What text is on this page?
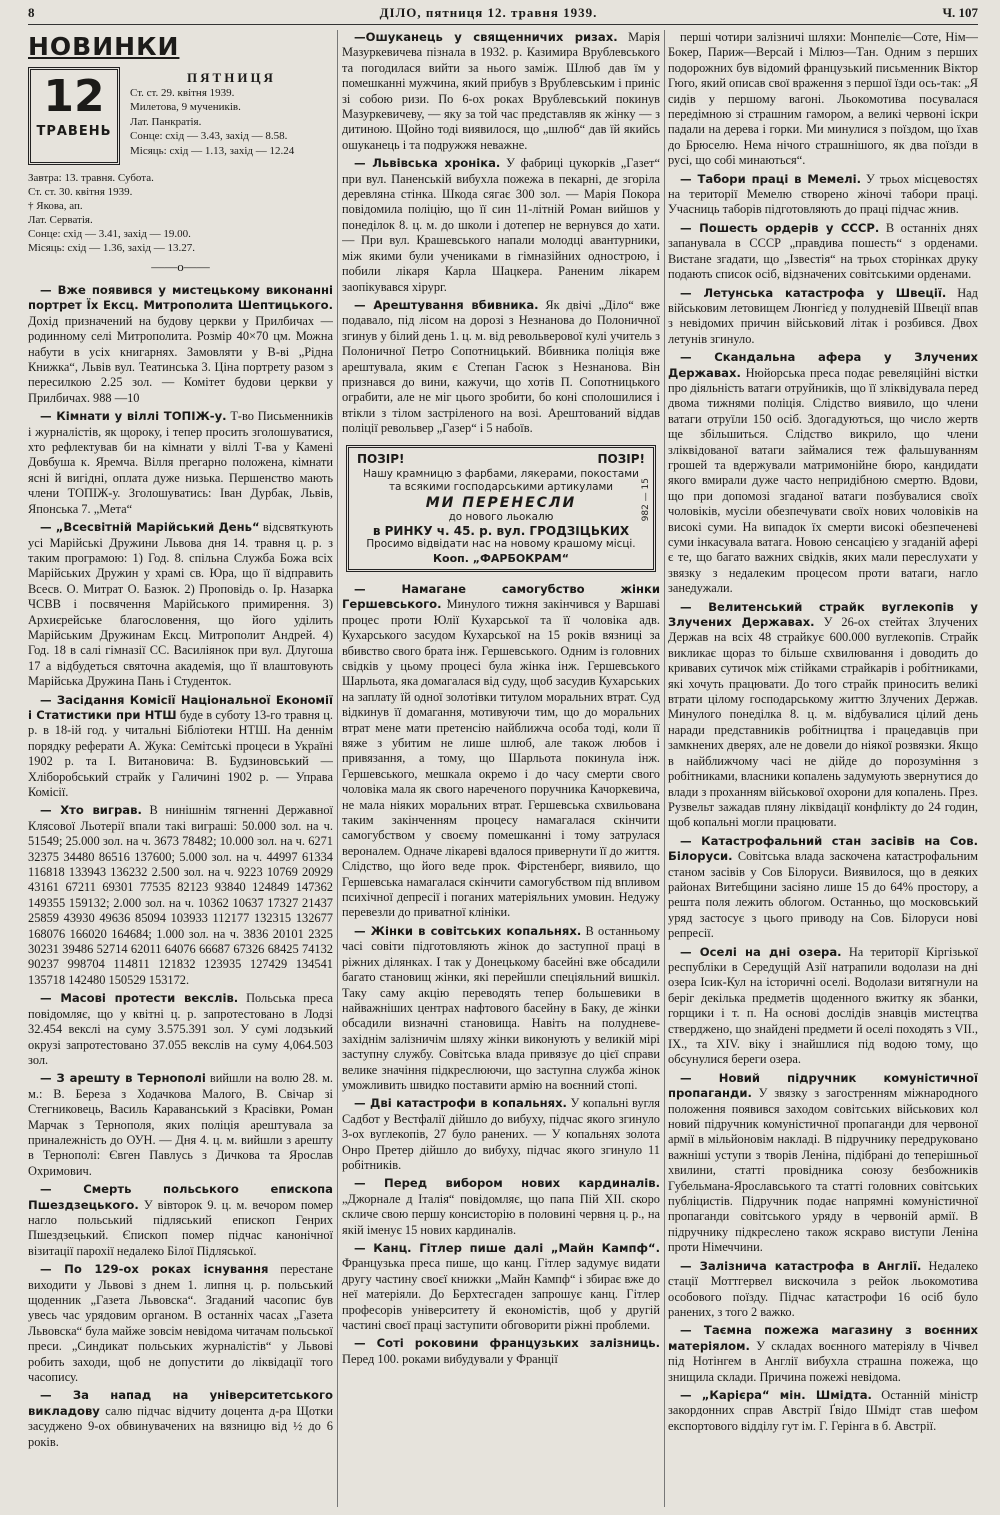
8	ДІЛО, пятниця 12. травня 1939.	Ч. 107
НОВИНКИ
12
ТРАВЕНЬ
ПЯТНИЦЯ
Ст. ст. 29. квітня 1939.
Милетова, 9 мучеників.
Лат. Панкратія.
Сонце: схід — 3.43, захід — 8.58.
Місяць: схід — 1.13, захід — 12.24
Завтра: 13. травня. Субота.
Ст. ст. 30. квітня 1939.
† Якова, ап.
Лат. Серватія.
Сонце: схід — 3.41, захід — 19.00.
Місяць: схід — 1.36, захід — 13.27.
——о——

— Вже появився у мистецькому виконанні портрет Їх Ексц. Митрополита Шептицького. Дохід призначений на будову церкви у Прилбичах — родинному селі Митрополита. Розмір 40×70 цм. Можна набути в усіх книгарнях. Замовляти у В-ві „Рідна Книжка“, Львів вул. Театинська 3. Ціна портрету разом з пересилкою 2.25 зол. — Комітет будови церкви у Прилбичах. 988 —10

— Кімнати у віллі ТОПІЖ-у. Т-во Письменників і журналістів, як щороку, і тепер просить зголошуватися, хто рефлектував би на кімнати у віллі Т-ва у Камені Довбуша к. Яремча. Вілля прегарно положена, кімнати ясні й вигідні, оплата дуже низька. Першенство мають члени ТОПІЖ-у. Зголошуватись: Іван Дурбак, Львів, Японська 7. „Мета“

— „Всесвітній Марійський День“ відсвяткують усі Марійські Дружини Львова дня 14. травня ц. р. з таким програмою: 1) Год. 8. спільна Служба Божа всіх Марійських Дружин у храмі св. Юра, що її відправить Всесв. О. Митрат О. Базюк. 2) Проповідь о. Ір. Назарка ЧСВВ і посвячення Марійського примирення. 3) Архиєрейське благословення, що його уділить Марійським Дружинам Ексц. Митрополит Андрей. 4) Год. 18 в салі гімназії СС. Василіянок при вул. Длугоша 17 а відбудеться святочна академія, що її влаштовують Марійська Дружина Пань і Студенток.

— Засідання Комісії Національної Економії і Статистики при НТШ буде в суботу 13-го травня ц. р. в 18-ій год. у читальні Бібліотеки НТШ. На деннім порядку реферати А. Жука: Семітські процеси в Україні 1902 р. та І. Витановича: В. Будзиновський — Хліборобський страйк у Галичині 1902 р. — Управа Комісії.

— Хто виграв. В нинішнім тягненні Державної Клясової Льотерії впали такі виграші: 50.000 зол. на ч. 51549; 25.000 зол. на ч. 3673 78482; 10.000 зол. на ч. 6271 32375 34480 86516 137600; 5.000 зол. на ч. 44997 61334 116818 133943 136232 2.500 зол. на ч. 9223 10769 20929 43161 67211 69301 77535 82123 93840 124849 147362 149355 159132; 2.000 зол. на ч. 10362 10637 17327 21437 25859 43930 49636 85094 103933 112177 132315 132677 168076 166020 164684; 1.000 зол. на ч. 3836 20101 2325 30231 39486 52714 62011 64076 66687 67326 68425 74132 90237 998704 114811 121832 123935 127429 134541 135718 142480 150529 153172.

— Масові протести векслів. Польська преса повідомляє, що у квітні ц. р. запротестовано в Лодзі 32.454 векслі на суму 3.575.391 зол. У сумі лодзький окрузі запротестовано 37.055 векслів на суму 4,064.503 зол.

— З арешту в Тернополі вийшли на волю 28. м. м.: В. Береза з Ходачкова Малого, В. Свічар зі Стегниковець, Василь Караванський з Красівки, Роман Марчак з Тернополя, яких поліція арештувала за приналежність до ОУН. — Дня 4. ц. м. вийшли з арешту в Тернополі: Євген Павлусь з Дичкова та Ярослав Охримович.

— Смерть польського епископа Пшездзецького. У вівторок 9. ц. м. вечором помер нагло польський підляський епископ Генрих Пшездзецький. Єпископ помер підчас канонічної візитації парохії недалеко Білої Підляської.

— По 129-ох роках існування перестане виходити у Львові з днем 1. липня ц. р. польський щоденник „Газета Львовска“. Згаданий часопис був увесь час урядовим органом. В останніх часах „Газета Львовска“ була майже зовсім невідома читачам польської преси. „Синдикат польських журналістів“ у Львові робить заходи, щоб не допустити до ліквідації того часопису.

— За напад на університетського викладову салю підчас відчиту доцента д-ра Щотки засуджено 9-ох обвинувачених на вязницю від ½ до 6 років.

—Ошуканець у священничих ризах. Марія Мазуркевичева пізнала в 1932. р. Казимира Врублевського та погодилася вийти за нього заміж. Шлюб дав їм у помешканні мужчина, який прибув з Врублевським і приніс зі собою ризи. По 6-ох роках Врублевський покинув Мазуркевичеву, — яку за той час представляв як жінку — з дитиною. Щойно тоді виявилося, що „шлюб“ дав їй якийсь ошуканець і та подружжя неважне.

— Львівська хроніка. У фабриці цукорків „Газет“ при вул. Паненській вибухла пожежа в пекарні, де згоріла деревляна стінка. Шкода сягає 300 зол. — Марія Покора повідомила поліцію, що її син 11-літній Роман вийшов у понеділок 8. ц. м. до школи і дотепер не вернувся до хати. — При вул. Крашевського напали молодці авантурники, між якими були учениками в гімназійних однострою, і побили лікаря Карла Шацкера. Раненим лікарем заопікувався хірург.

— Арештування вбивника. Як двічі „Діло“ вже подавало, під лісом на дорозі з Незнанова до Полоничної згинув у білий день 1. ц. м. від револьверової кулі учитель з Полоничної Петро Сопотницький. Вбивника поліція вже арештувала, яким є Степан Гасюк з Незнанова. Він признався до вини, кажучи, що хотів П. Сопотницького ограбити, але не міг цього зробити, бо коні сполошилися і втікли з тілом застріленого на возі. Арештований віддав поліції револьвер „Газер“ і 5 набоїв.

ПОЗІР!	ПОЗІР!
Нашу крамницю з фарбами, лякерами, покостами та всякими господарськими артикулами
МИ ПЕРЕНЕСЛИ
до нового льокалю
в РИНКУ ч. 45. р. вул. ГРОДЗІЦЬКИХ
Просимо відвідати нас на новому крашому місці.
Кооп. „ФАРБОКРАМ“
982 — 15

— Намагане самогубство жінки Гершевського. Минулого тижня закінчився у Варшаві процес проти Юлії Кухарської та її чоловіка адв. Кухарського засудом Кухарської на 15 років вязниці за вбивство свого брата інж. Гершевського. Одним із головних свідків у цьому процесі була жінка інж. Гершевського Шарльота, яка домагалася від суду, щоб засудив Кухарських на заплату їй одної золотівки титулом моральних втрат. Суд відкинув її домагання, мотивуючи тим, що до моральних втрат мене мати претенсію найближча особа тоді, коли її вяже з убитим не лише шлюб, але також любов і привязання, а тому, що Шарльота покинула інж. Гершевського, мешкала окремо і до часу смерти свого чоловіка мала як свого нареченого поручника Качоркевича, не мала ніяких моральних втрат. Гершевська схвильована таким закінченням процесу намагалася скінчити самогубством у своєму помешканні і тому затрулася вероналем. Одначе лікареві вдалося привернути її до життя. Слідство, що його веде прок. Фірстенберг, виявило, що Гершевська намагалася скінчити самогубством під впливом психічної депресії і поганих матеріяльних умовин. Недужу перевезли до приватної клініки.

— Жінки в совітських копальнях. В останньому часі совіти підготовляють жінок до заступної праці в ріжних ділянках. І так у Донецькому басейні вже обсадили багато становищ жінки, які перейшли спеціяльний вишкіл. Таку саму акцію переводять тепер большевики в найважніших центрах нафтового басейну в Баку, де жінки обсадили визначні становища. Навіть на полудневе-західнім залізничім шляху жінки виконують у великій мірі заступну службу. Совітська влада привязує до цієї справи велике значіння підкреслюючи, що заступна служба жінок уможливить швидко поставити армію на воєнний стопі.

— Дві катастрофи в копальнях. У копальні вугля Садбот у Вестфалії дійшло до вибуху, підчас якого згинуло 3-ох вуглекопів, 27 було ранених. — У копальнях золота Онро Претер дійшло до вибуху, підчас якого згинуло 11 робітників.

— Перед вибором нових кардиналів. „Джорнале д Італія“ повідомляє, що папа Пій XII. скоро скличе свою першу консисторію в половині червня ц. р., на якій іменує 15 нових кардиналів.

— Канц. Гітлер пише далі „Майн Кампф“. Французька преса пише, що канц. Гітлер задумує видати другу частину своєї книжки „Майн Кампф“ і збирає вже до неї матеріяли. До Берхтесгаден запрошує канц. Гітлер професорів університету й економістів, щоб у другій частині своєї праці заступити обговорити ріжні проблеми.

— Соті роковини французьких залізниць. Перед 100. роками вибудували у Франції

перші чотири залізничі шляхи: Монпеліє—Соте, Нім—Бокер, Париж—Версай і Мілюз—Тан. Одним з перших подорожних був відомий французький письменник Віктор Гюго, який описав свої враження з першої їзди ось-так: „Я сидів у першому вагоні. Льокомотива посувалася передімною зі страшним гамором, а великі червоні іскри падали на дерева і горки. Ми минулися з поїздом, що їхав до Брюселю. Нема нічого страшнішого, як два поїзди в русі, що собі минаються“.

— Табори праці в Мемелі. У трьох місцевостях на території Мемелю створено жіночі табори праці. Учасниць таборів підготовляють до праці підчас жнив.

— Пошесть ордерів у СССР. В останніх днях запанувала в СССР „правдива пошесть“ з орденами. Вистане згадати, що „Ізвестія“ на трьох сторінках друку подають список осіб, відзначених совітськими орденами.

— Летунська катастрофа у Швеції. Над військовим летовищем Люнгієд у полудневій Швеції впав з невідомих причин військовий літак і розбився. Двох летунів згинуло.

— Скандальна афера у Злучених Державах. Нюйорська преса подає ревеляційні вістки про діяльність ватаги отруйників, що її зліквідувала перед двома тижнями поліція. Слідство виявило, що члени ватаги отруїли 150 осіб. Здогадуються, що число жертв ще збільшиться. Слідство викрило, що члени зліквідованої ватаги займалися теж фальшуванням грошей та вдержували матримонійне бюро, кандидати якого вмирали дуже часто непридібною смертю. Вдови, що при допомозі згаданої ватаги позбувалися своїх чоловіків, мусіли обезпечувати своїх нових чоловіків на високі суми. На випадок їх смерти високі обезпеченеві суми інкасувала ватага. Новою сенсацією у згаданій афері є те, що багато важних свідків, яких мали переслухати у звязку з недалеким процесом проти ватаги, нагло занедужали.

— Велитенський страйк вуглекопів у Злучених Державах. У 26-ох стейтах Злучених Держав на всіх 48 страйкує 600.000 вуглекопів. Страйк викликає щораз то більше схвилювання і доводить до кривавих сутичок між стійками страйкарів і робітниками, які хочуть працювати. До того страйк приносить великі втрати цілому господарському життю Злучених Держав. Минулого понеділка 8. ц. м. відбувалися цілий день наради представників робітництва і працедавців при замкнених дверях, але не довели до ніякої розвязки. Якщо в найближчому часі не дійде до порозуміння з робітниками, власники копалень задумують звернутися до влади з проханням військової охорони для копалень. През. Рузвельт зажадав пляну ліквідації конфлікту до 24 годин, щоб копальні могли працювати.

— Катастрофальний стан засівів на Сов. Білоруси. Совітська влада заскочена катастрофальним станом засівів у Сов Білоруси. Виявилося, що в деяких районах Витебщини засіяно лише 15 до 64% простору, а решта поля лежить облогом. Останньо, що московський уряд застосує з цього приводу на Сов. Білоруси нові репресії.

— Оселі на дні озера. На території Кіргізької республіки в Середущій Азії натрапили водолази на дні озера Ісик-Кул на історичні оселі. Водолази витягнули на беріг декілька предметів щоденного вжитку як збанки, горщики і т. п. На основі дослідів знавців мистецтва стверджено, що знайдені предмети й оселі походять з VII., IX., та XIV. віку і знайшлися під водою тому, що обсунулися береги озера.

— Новий підручник комуністичної пропаганди. У звязку з загостренням міжнародного положення появився заходом совітських військових кол новий підручник комуністичної пропаганди для червоної армії в мільйоновім накладі. В підручнику передруковано важніші уступи з творів Леніна, підібрані до теперішньої хвилини, статті провідника союзу безбожників Губельмана-Ярославського та статті головних совітських публіцистів. Підручник подає напрямні комуністичної пропаганди совітського уряду в червоній армії. В підручнику підкреслено також яскраво виступи Леніна проти Німеччини.

— Залізнича катастрофа в Англії. Недалеко стації Моттгервел вискочила з рейок льокомотива особового поїзду. Підчас катастрофи 16 осіб було ранених, з того 2 важко.

— Таємна пожежа магазину з воєнних матеріялом. У складах воєнного матеріялу в Чічвел під Нотінгем в Англії вибухла страшна пожежа, що знищила склади. Причина пожежі невідома.

— „Карієра“ мін. Шмідта. Останній міністр закордонних справ Австрії Ґвідо Шмідт став шефом експортового відділу гут ім. Г. Герінга в б. Австрії.
